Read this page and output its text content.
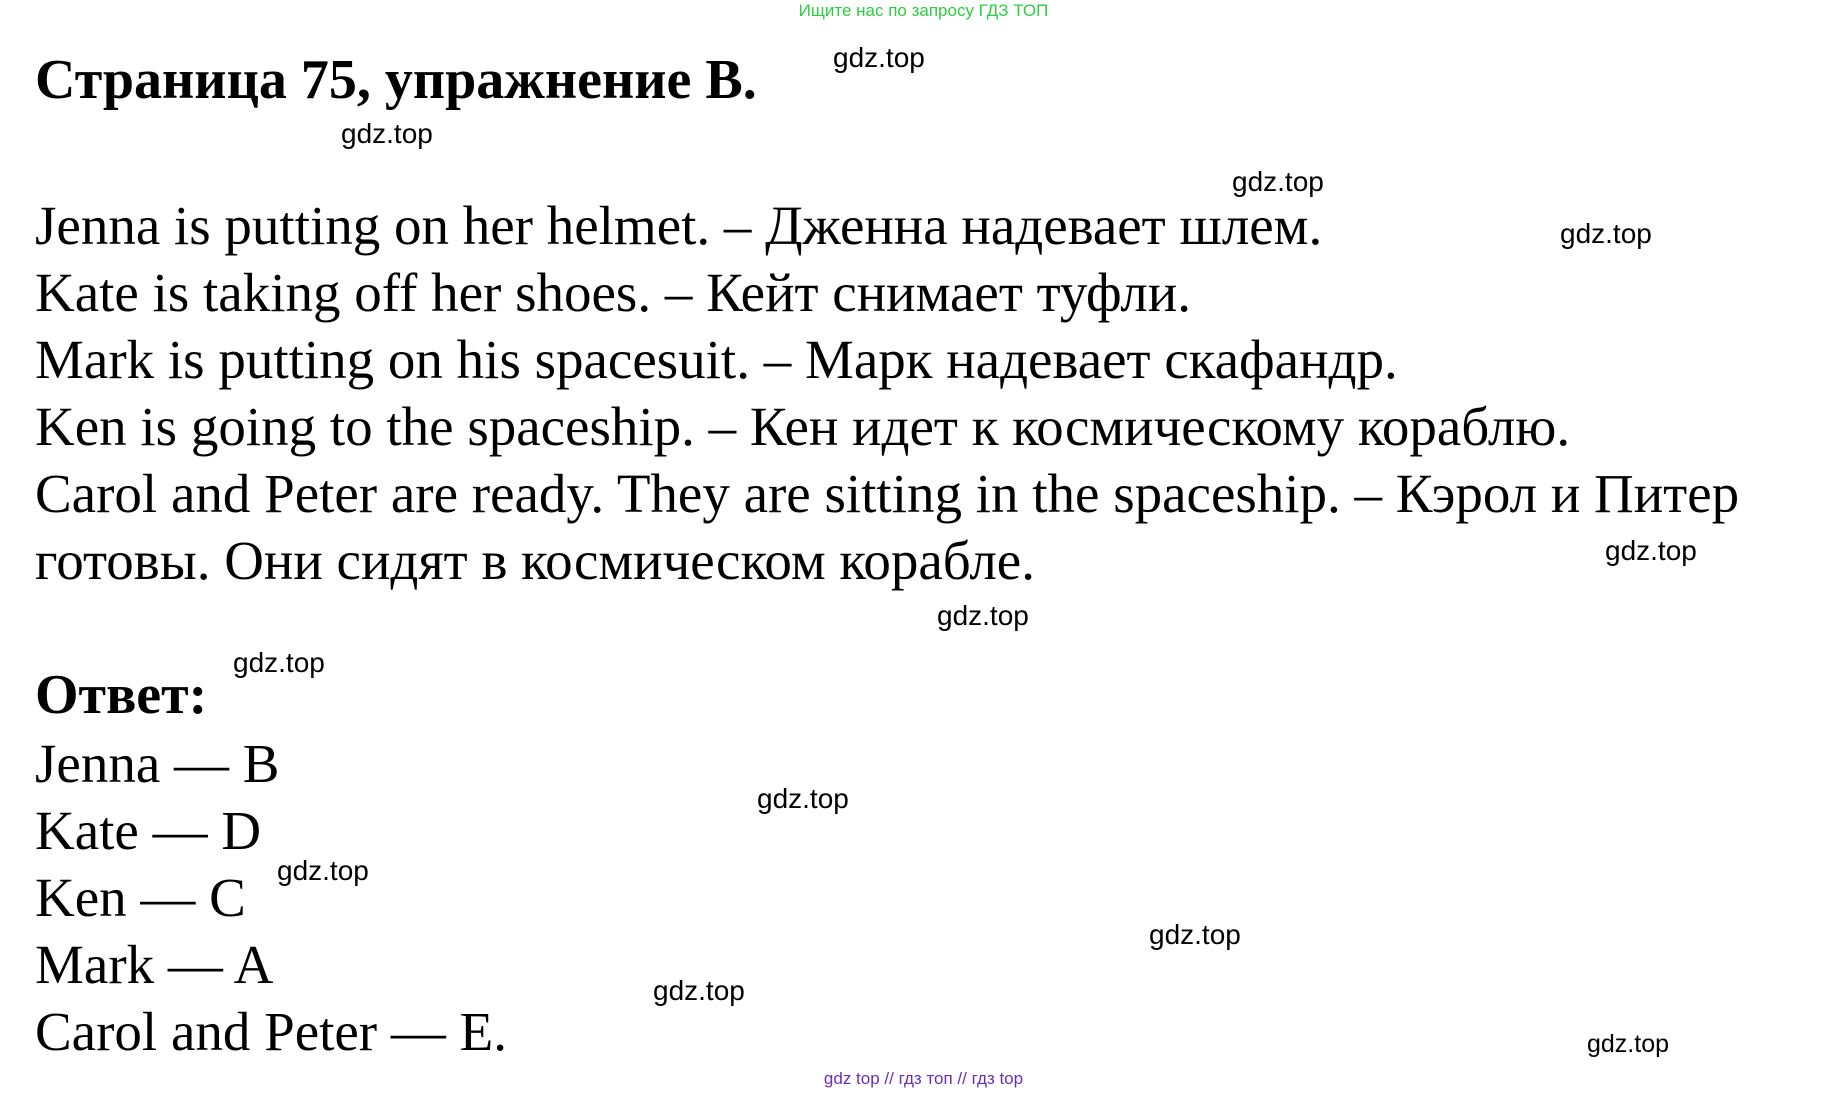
Ищите нас по запросу ГДЗ ТОП
Страница 75, упражнение B.
Jenna is putting on her helmet. – Дженна надевает шлем.
Kate is taking off her shoes. – Кейт снимает туфли.
Mark is putting on his spacesuit. – Марк надевает скафандр.
Ken is going to the spaceship. – Кен идет к космическому кораблю.
Carol and Peter are ready. They are sitting in the spaceship. – Кэрол и Питер
готовы. Они сидят в космическом корабле.
Ответ:
Jenna — B
Kate — D
Ken — C
Mark — A
Carol and Peter — E.
gdz.top
gdz.top
gdz.top
gdz.top
gdz.top
gdz.top
gdz.top
gdz.top
gdz.top
gdz.top
gdz.top
gdz.top
gdz top // гдз топ // гдз top
